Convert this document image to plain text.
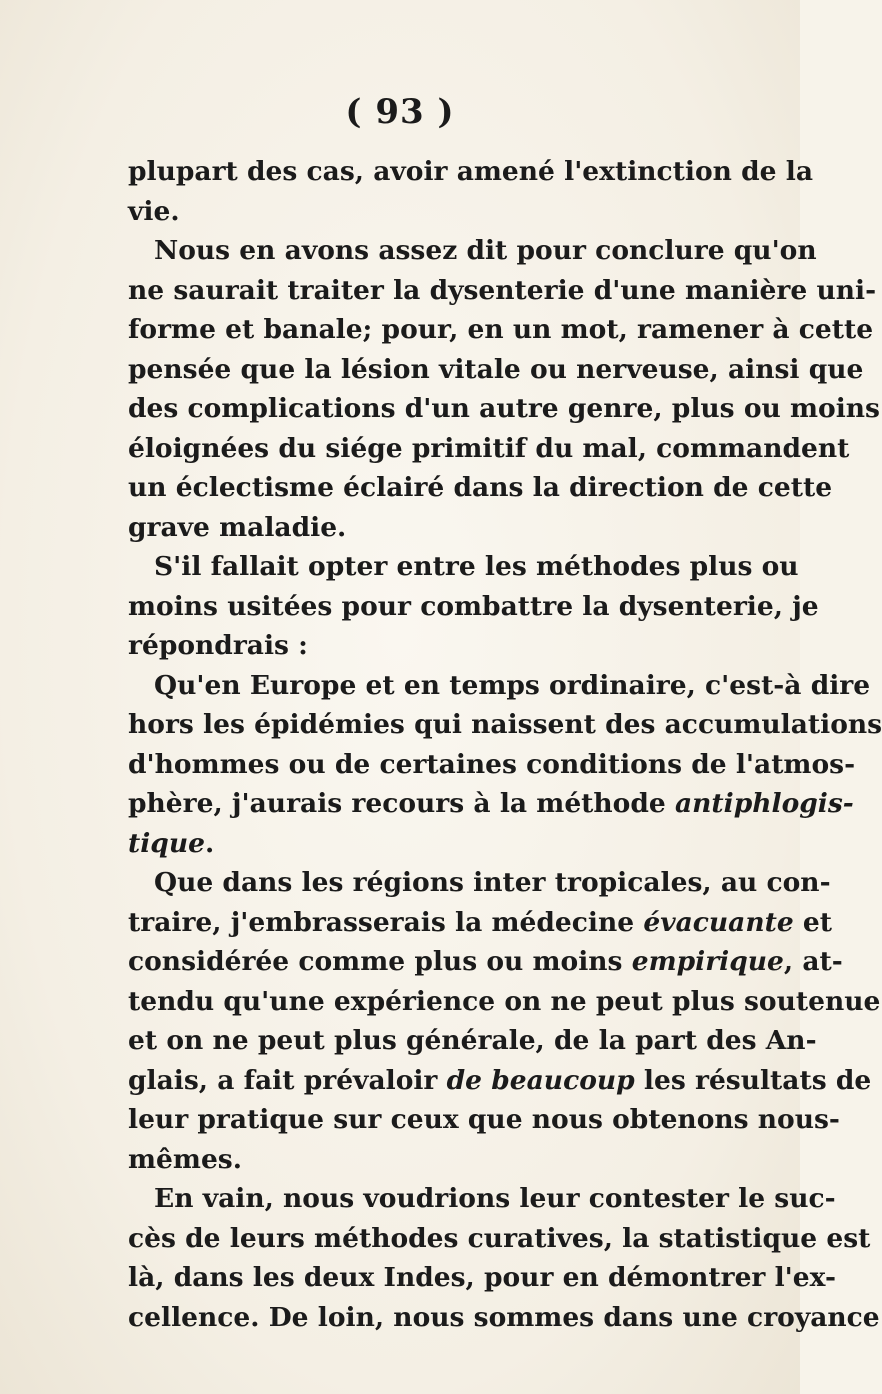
( 93 )
plupart des cas, avoir amené l'extinction de la
vie.
Nous en avons assez dit pour conclure qu'on
ne saurait traiter la dysenterie d'une manière uni-
forme et banale; pour, en un mot, ramener à cette
pensée que la lésion vitale ou nerveuse, ainsi que
des complications d'un autre genre, plus ou moins
éloignées du siége primitif du mal, commandent
un éclectisme éclairé dans la direction de cette
grave maladie.
S'il fallait opter entre les méthodes plus ou
moins usitées pour combattre la dysenterie, je
répondrais :
Qu'en Europe et en temps ordinaire, c'est-à dire
hors les épidémies qui naissent des accumulations
d'hommes ou de certaines conditions de l'atmos-
phère, j'aurais recours à la méthode antiphlogis-
tique.
Que dans les régions inter tropicales, au con-
traire, j'embrasserais la médecine évacuante et
considérée comme plus ou moins empirique, at-
tendu qu'une expérience on ne peut plus soutenue
et on ne peut plus générale, de la part des An-
glais, a fait prévaloir de beaucoup les résultats de
leur pratique sur ceux que nous obtenons nous-
mêmes.
En vain, nous voudrions leur contester le suc-
cès de leurs méthodes curatives, la statistique est
là, dans les deux Indes, pour en démontrer l'ex-
cellence. De loin, nous sommes dans une croyance
